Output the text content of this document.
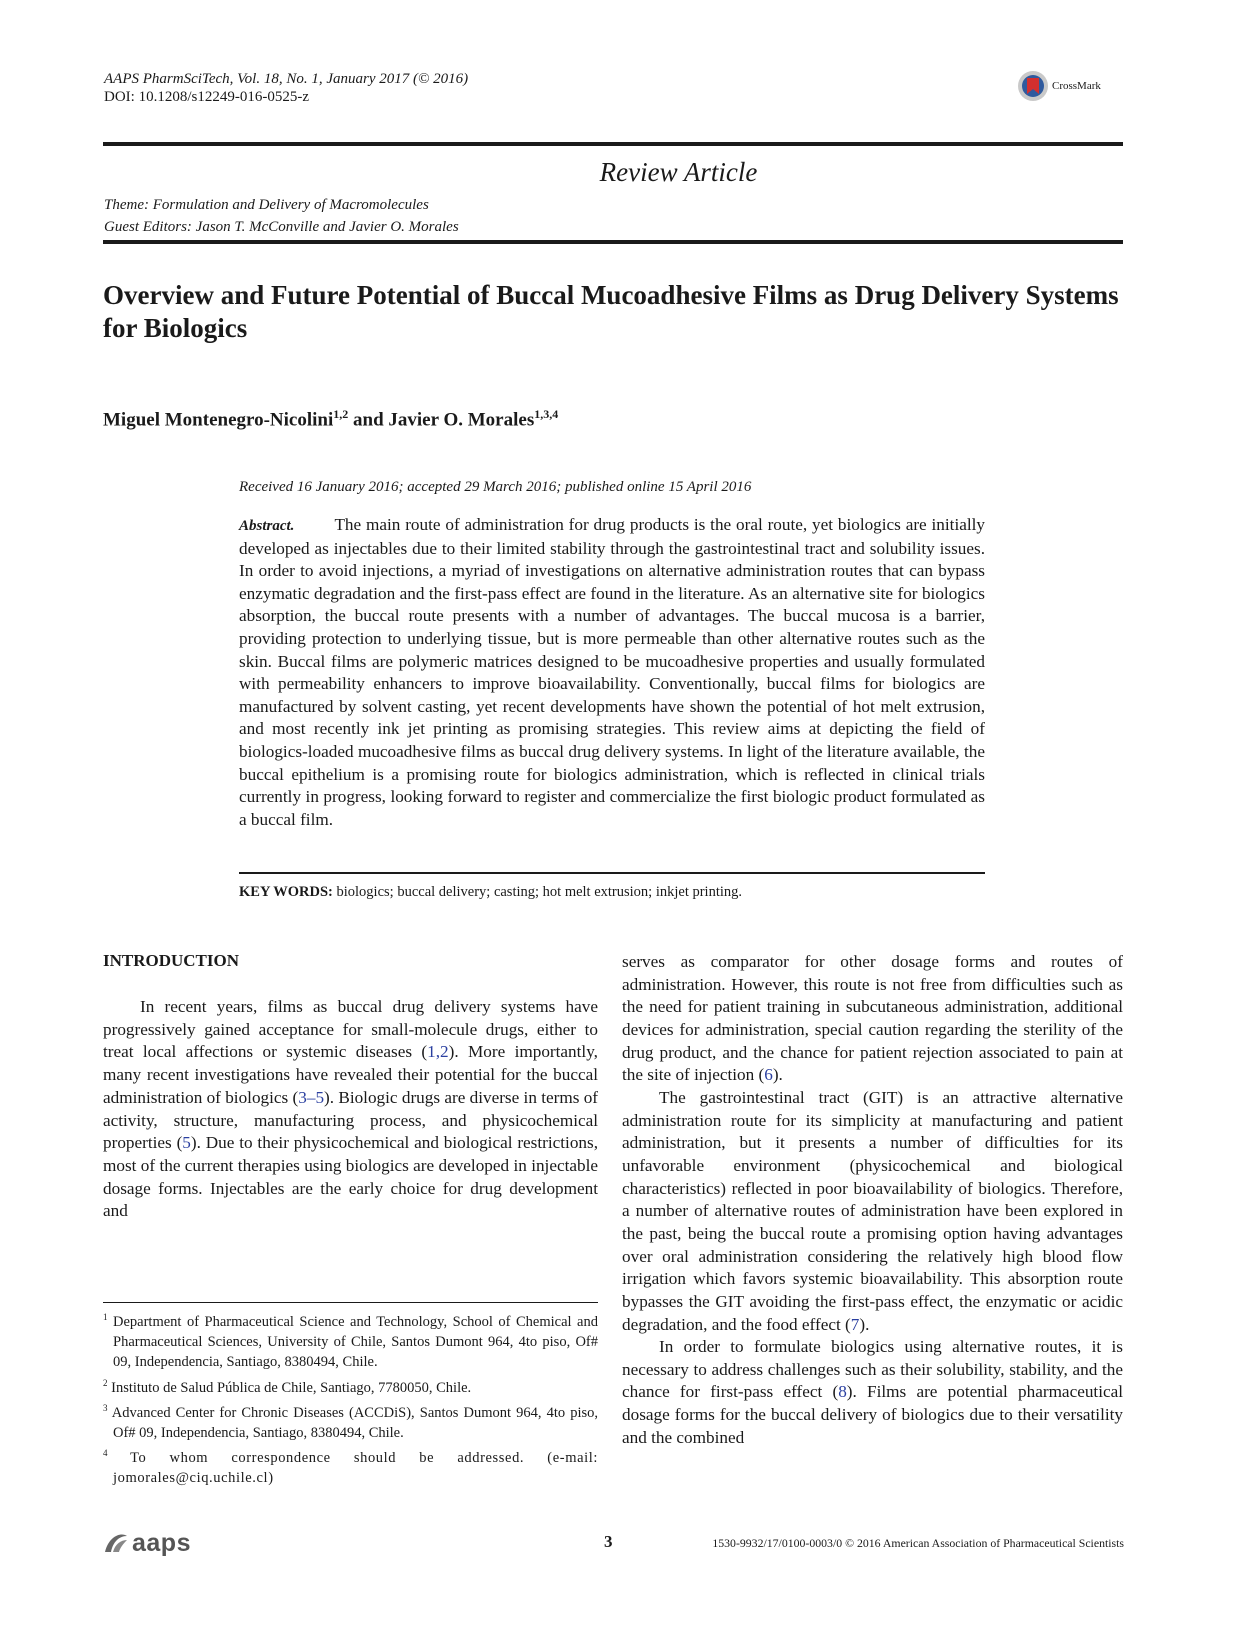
AAPS PharmSciTech, Vol. 18, No. 1, January 2017 (© 2016)
DOI: 10.1208/s12249-016-0525-z
CrossMark
Review Article
Theme: Formulation and Delivery of Macromolecules
Guest Editors: Jason T. McConville and Javier O. Morales
Overview and Future Potential of Buccal Mucoadhesive Films as Drug Delivery Systems for Biologics
Miguel Montenegro-Nicolini$^{1,2}$ and Javier O. Morales$^{1,3,4}$
Received 16 January 2016; accepted 29 March 2016; published online 15 April 2016
Abstract. The main route of administration for drug products is the oral route, yet biologics are initially developed as injectables due to their limited stability through the gastrointestinal tract and solubility issues. In order to avoid injections, a myriad of investigations on alternative administration routes that can bypass enzymatic degradation and the first-pass effect are found in the literature. As an alternative site for biologics absorption, the buccal route presents with a number of advantages. The buccal mucosa is a barrier, providing protection to underlying tissue, but is more permeable than other alternative routes such as the skin. Buccal films are polymeric matrices designed to be mucoadhesive properties and usually formulated with permeability enhancers to improve bioavailability. Conventionally, buccal films for biologics are manufactured by solvent casting, yet recent developments have shown the potential of hot melt extrusion, and most recently ink jet printing as promising strategies. This review aims at depicting the field of biologics-loaded mucoadhesive films as buccal drug delivery systems. In light of the literature available, the buccal epithelium is a promising route for biologics administration, which is reflected in clinical trials currently in progress, looking forward to register and commercialize the first biologic product formulated as a buccal film.
KEY WORDS: biologics; buccal delivery; casting; hot melt extrusion; inkjet printing.
INTRODUCTION
In recent years, films as buccal drug delivery systems have progressively gained acceptance for small-molecule drugs, either to treat local affections or systemic diseases (1,2). More importantly, many recent investigations have revealed their potential for the buccal administration of biologics (3–5). Biologic drugs are diverse in terms of activity, structure, manufacturing process, and physicochemical properties (5). Due to their physicochemical and biological restrictions, most of the current therapies using biologics are developed in injectable dosage forms. Injectables are the early choice for drug development and
serves as comparator for other dosage forms and routes of administration. However, this route is not free from difficulties such as the need for patient training in subcutaneous administration, additional devices for administration, special caution regarding the sterility of the drug product, and the chance for patient rejection associated to pain at the site of injection (6).
The gastrointestinal tract (GIT) is an attractive alternative administration route for its simplicity at manufacturing and patient administration, but it presents a number of difficulties for its unfavorable environment (physicochemical and biological characteristics) reflected in poor bioavailability of biologics. Therefore, a number of alternative routes of administration have been explored in the past, being the buccal route a promising option having advantages over oral administration considering the relatively high blood flow irrigation which favors systemic bioavailability. This absorption route bypasses the GIT avoiding the first-pass effect, the enzymatic or acidic degradation, and the food effect (7).
In order to formulate biologics using alternative routes, it is necessary to address challenges such as their solubility, stability, and the chance for first-pass effect (8). Films are potential pharmaceutical dosage forms for the buccal delivery of biologics due to their versatility and the combined
$^1$ Department of Pharmaceutical Science and Technology, School of Chemical and Pharmaceutical Sciences, University of Chile, Santos Dumont 964, 4to piso, Of# 09, Independencia, Santiago, 8380494, Chile.
$^2$ Instituto de Salud Pública de Chile, Santiago, 7780050, Chile.
$^3$ Advanced Center for Chronic Diseases (ACCDiS), Santos Dumont 964, 4to piso, Of# 09, Independencia, Santiago, 8380494, Chile.
$^4$ To whom correspondence should be addressed. (e-mail: jomorales@ciq.uchile.cl)
aaps	3	1530-9932/17/0100-0003/0 © 2016 American Association of Pharmaceutical Scientists
